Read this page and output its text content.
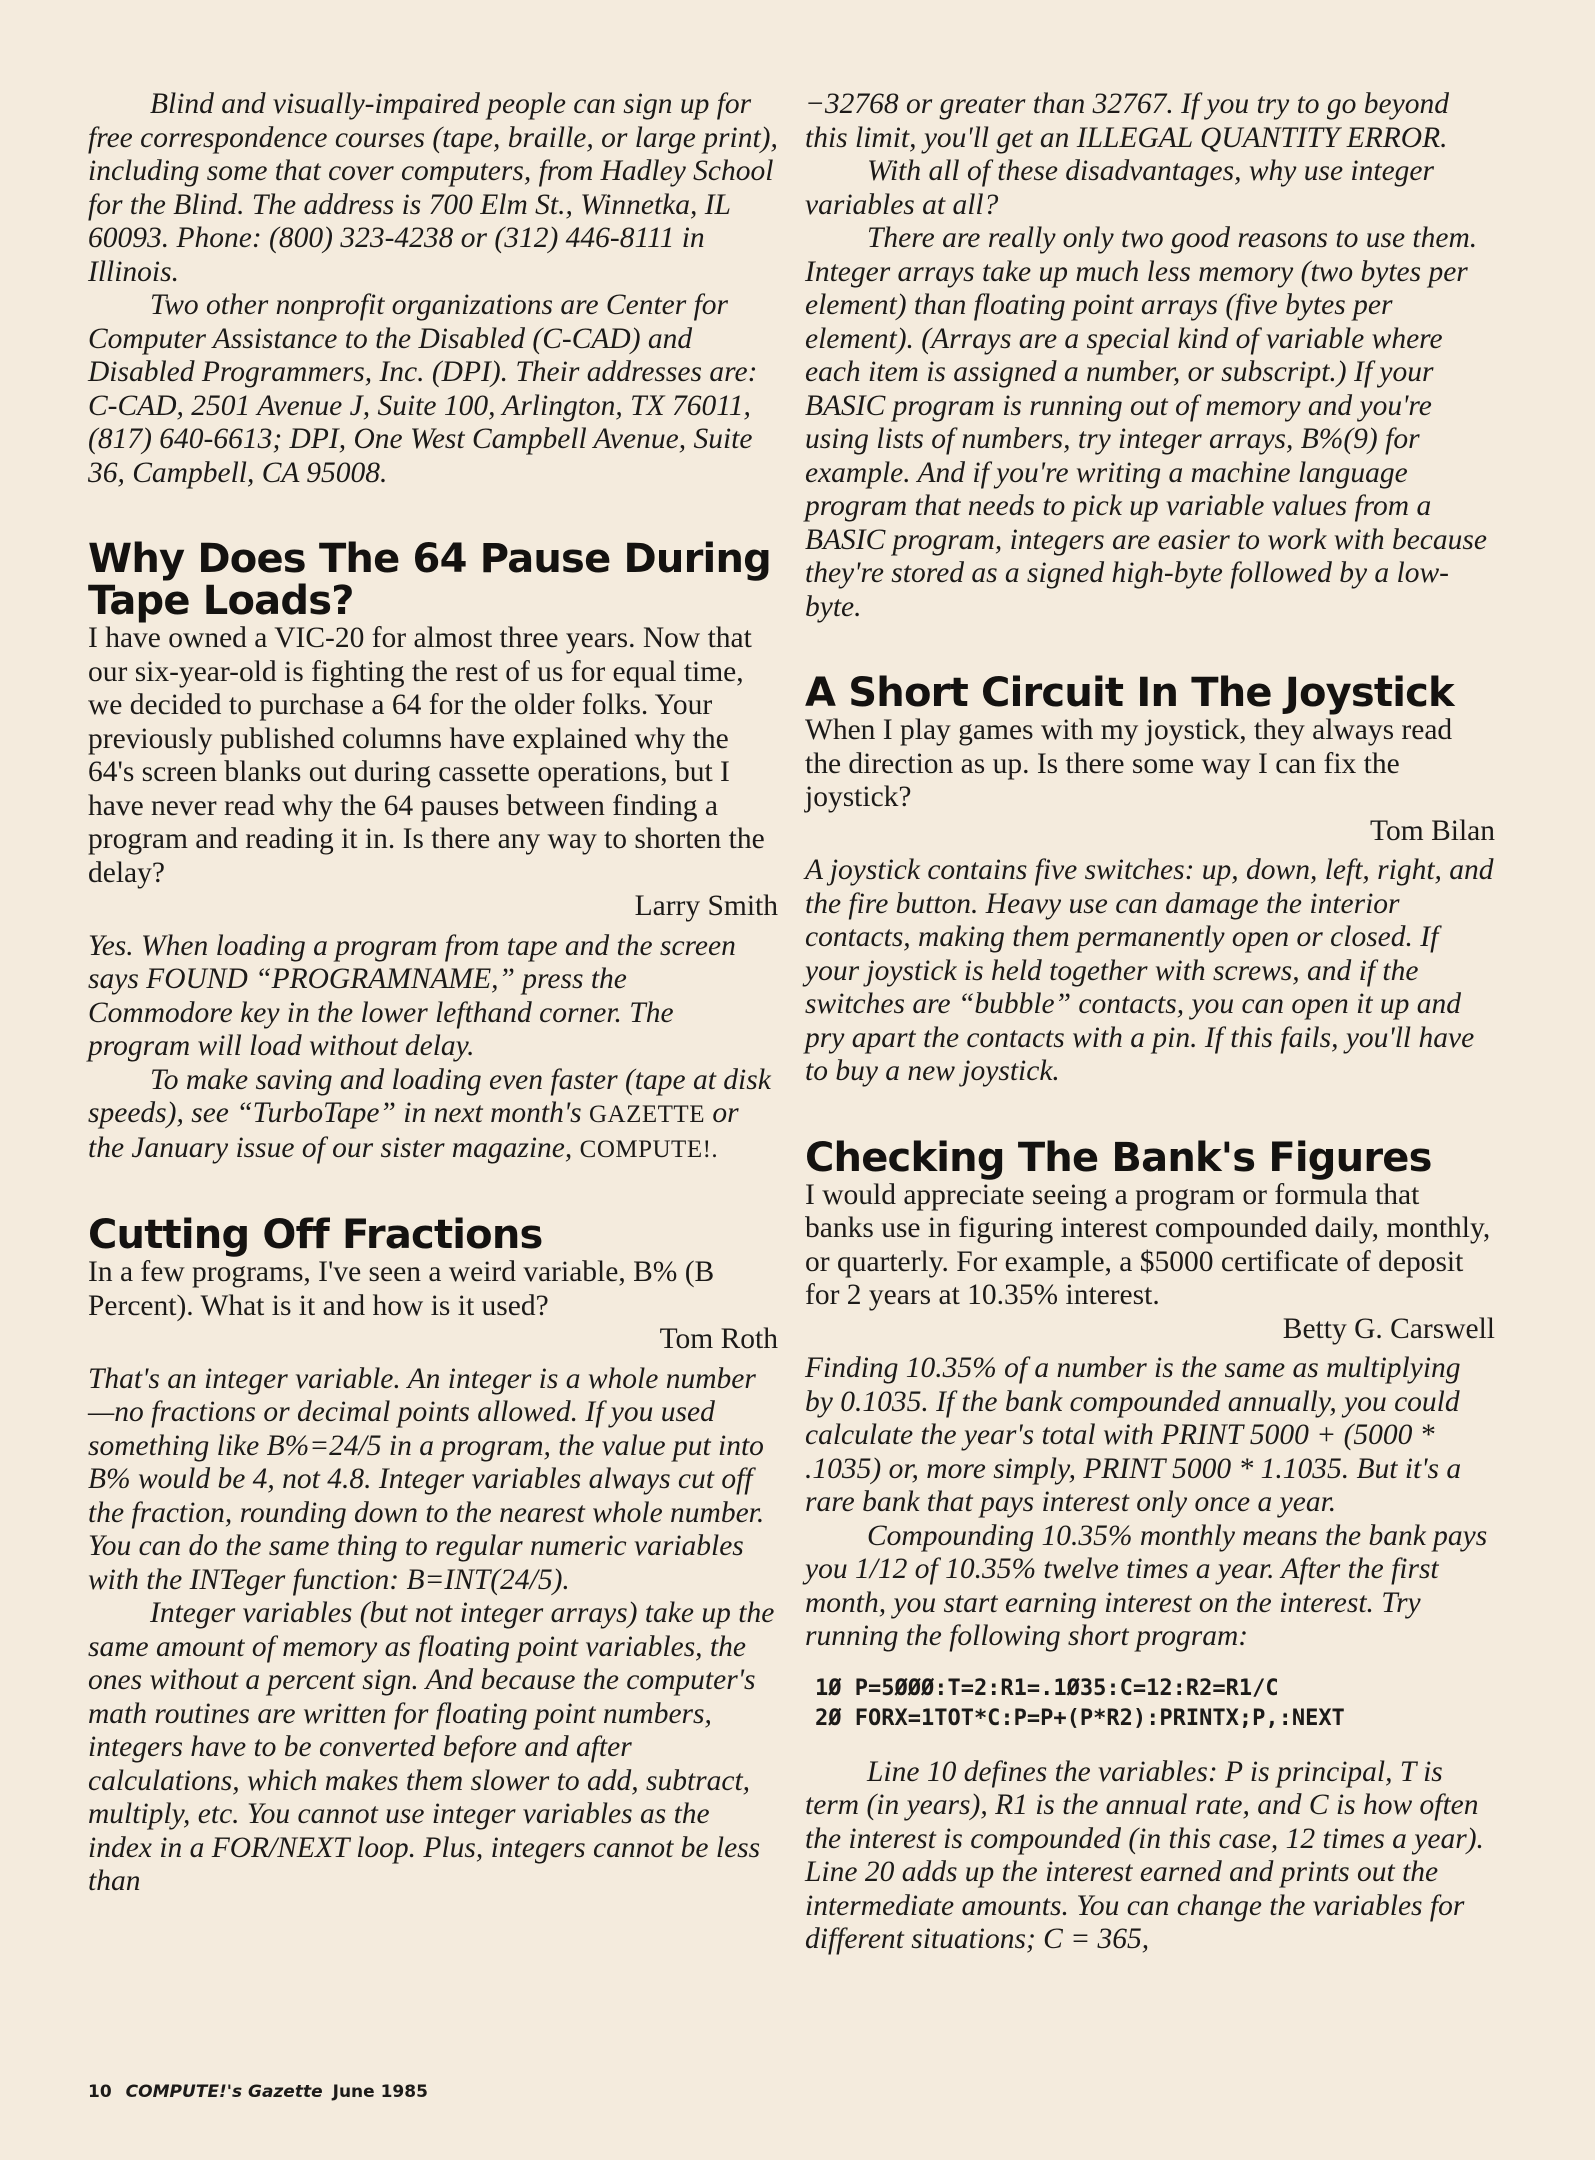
Blind and visually-impaired people can sign up for free correspondence courses (tape, braille, or large print), including some that cover computers, from Hadley School for the Blind. The address is 700 Elm St., Winnetka, IL 60093. Phone: (800) 323-4238 or (312) 446-8111 in Illinois.

Two other nonprofit organizations are Center for Computer Assistance to the Disabled (C-CAD) and Disabled Programmers, Inc. (DPI). Their addresses are: C-CAD, 2501 Avenue J, Suite 100, Arlington, TX 76011, (817) 640-6613; DPI, One West Campbell Avenue, Suite 36, Campbell, CA 95008.

Why Does The 64 Pause During Tape Loads?

I have owned a VIC-20 for almost three years. Now that our six-year-old is fighting the rest of us for equal time, we decided to purchase a 64 for the older folks. Your previously published columns have explained why the 64's screen blanks out during cassette operations, but I have never read why the 64 pauses between finding a program and reading it in. Is there any way to shorten the delay?

Larry Smith

Yes. When loading a program from tape and the screen says FOUND “PROGRAMNAME,” press the Commodore key in the lower lefthand corner. The program will load without delay.

To make saving and loading even faster (tape at disk speeds), see “TurboTape” in next month's GAZETTE or the January issue of our sister magazine, COMPUTE!.

Cutting Off Fractions

In a few programs, I've seen a weird variable, B% (B Percent). What is it and how is it used?

Tom Roth

That's an integer variable. An integer is a whole number—no fractions or decimal points allowed. If you used something like B%=24/5 in a program, the value put into B% would be 4, not 4.8. Integer variables always cut off the fraction, rounding down to the nearest whole number. You can do the same thing to regular numeric variables with the INTeger function: B=INT(24/5).

Integer variables (but not integer arrays) take up the same amount of memory as floating point variables, the ones without a percent sign. And because the computer's math routines are written for floating point numbers, integers have to be converted before and after calculations, which makes them slower to add, subtract, multiply, etc. You cannot use integer variables as the index in a FOR/NEXT loop. Plus, integers cannot be less than

−32768 or greater than 32767. If you try to go beyond this limit, you'll get an ILLEGAL QUANTITY ERROR.

With all of these disadvantages, why use integer variables at all?

There are really only two good reasons to use them. Integer arrays take up much less memory (two bytes per element) than floating point arrays (five bytes per element). (Arrays are a special kind of variable where each item is assigned a number, or subscript.) If your BASIC program is running out of memory and you're using lists of numbers, try integer arrays, B%(9) for example. And if you're writing a machine language program that needs to pick up variable values from a BASIC program, integers are easier to work with because they're stored as a signed high-byte followed by a low-byte.

A Short Circuit In The Joystick

When I play games with my joystick, they always read the direction as up. Is there some way I can fix the joystick?

Tom Bilan

A joystick contains five switches: up, down, left, right, and the fire button. Heavy use can damage the interior contacts, making them permanently open or closed. If your joystick is held together with screws, and if the switches are “bubble” contacts, you can open it up and pry apart the contacts with a pin. If this fails, you'll have to buy a new joystick.

Checking The Bank's Figures

I would appreciate seeing a program or formula that banks use in figuring interest compounded daily, monthly, or quarterly. For example, a $5000 certificate of deposit for 2 years at 10.35% interest.

Betty G. Carswell

Finding 10.35% of a number is the same as multiplying by 0.1035. If the bank compounded annually, you could calculate the year's total with PRINT 5000 + (5000 * .1035) or, more simply, PRINT 5000 * 1.1035. But it's a rare bank that pays interest only once a year.

Compounding 10.35% monthly means the bank pays you 1/12 of 10.35% twelve times a year. After the first month, you start earning interest on the interest. Try running the following short program:

1Ø P=5ØØØ:T=2:R1=.1Ø35:C=12:R2=R1/C
2Ø FORX=1TOT*C:P=P+(P*R2):PRINTX;P,:NEXT

Line 10 defines the variables: P is principal, T is term (in years), R1 is the annual rate, and C is how often the interest is compounded (in this case, 12 times a year). Line 20 adds up the interest earned and prints out the intermediate amounts. You can change the variables for different situations; C = 365,

10 COMPUTE!'s Gazette June 1985
